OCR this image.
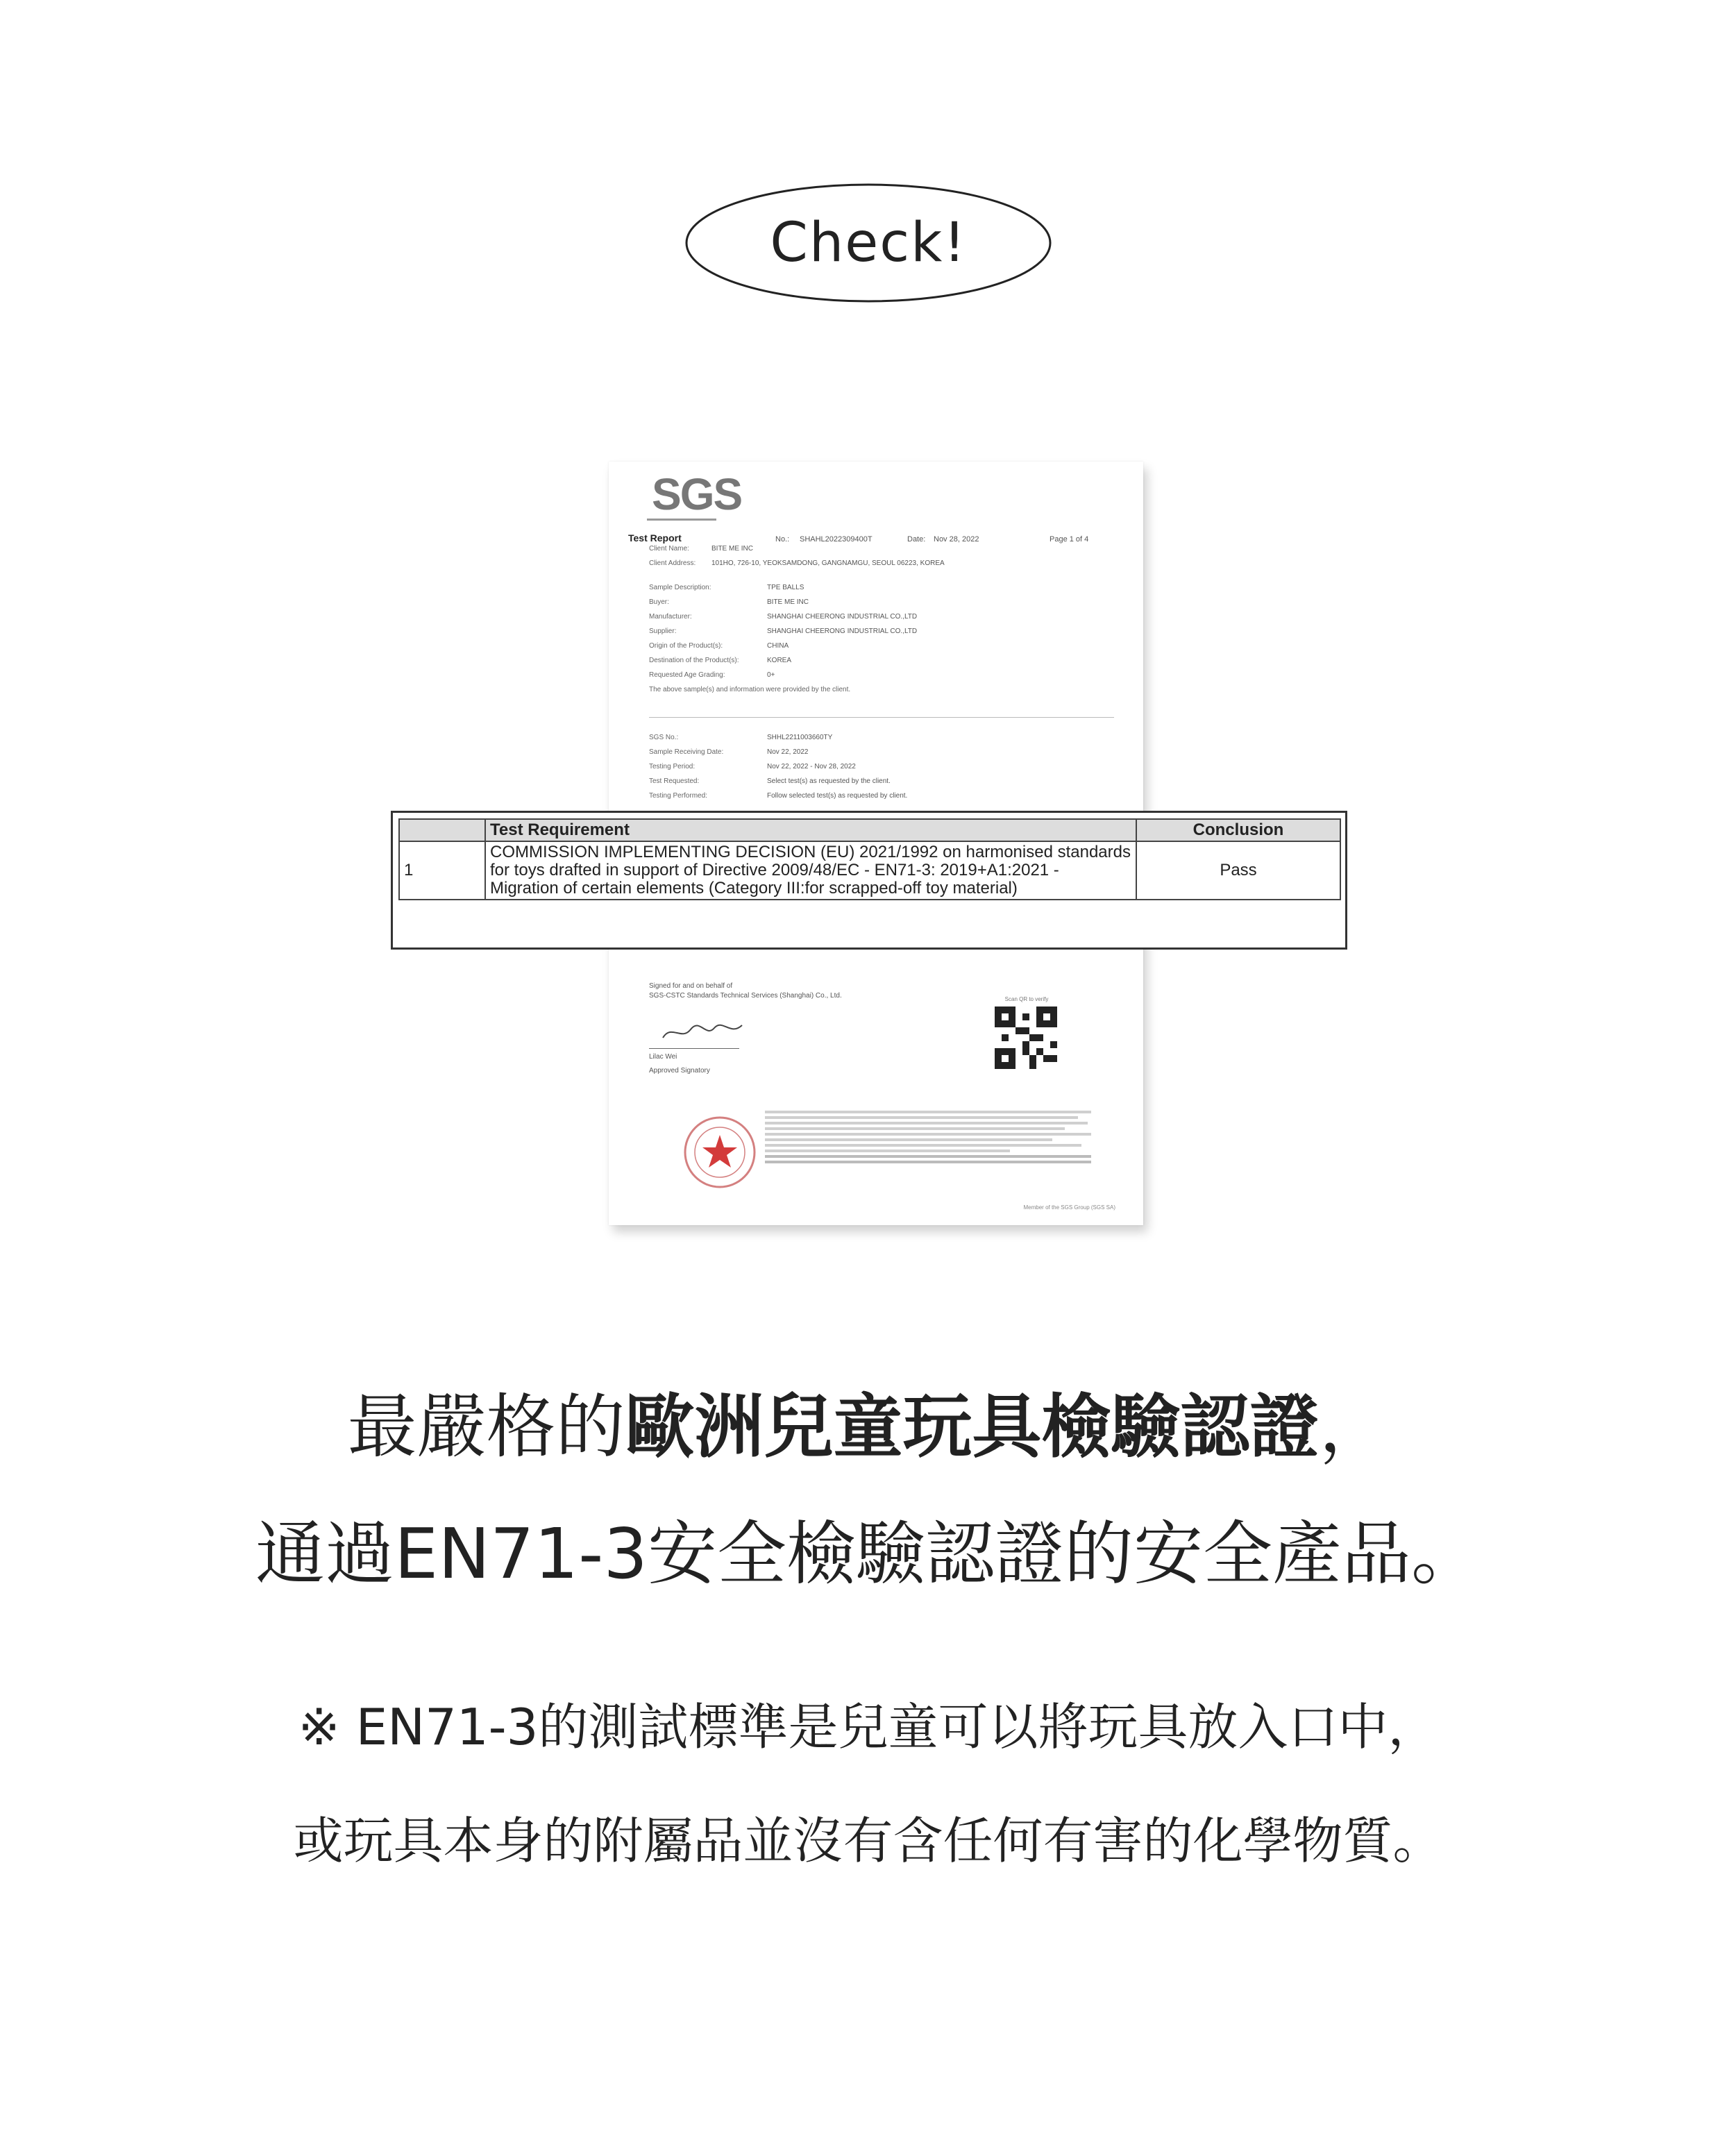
Check!
SGS
Test Report	No.: SHAHL2022309400T	Date: Nov 28, 2022	Page 1 of 4
Client Name:	BITE ME INC
Client Address: 101HO, 726-10, YEOKSAMDONG, GANGNAMGU, SEOUL 06223, KOREA
Sample Description:	TPE BALLS
Buyer:	BITE ME INC
Manufacturer:	SHANGHAI CHEERONG INDUSTRIAL CO.,LTD
Supplier:	SHANGHAI CHEERONG INDUSTRIAL CO.,LTD
Origin of the Product(s):	CHINA
Destination of the Product(s):	KOREA
Requested Age Grading:	0+
The above sample(s) and information were provided by the client.
SGS No.:	SHHL2211003660TY
Sample Receiving Date:	Nov 22, 2022
Testing Period:	Nov 22, 2022 - Nov 28, 2022
Test Requested:	Select test(s) as requested by the client.
Testing Performed:	Follow selected test(s) as requested by client.
Signed for and on behalf of
SGS-CSTC Standards Technical Services (Shanghai) Co., Ltd.
Lilac Wei
Approved Signatory
Scan QR to verify
Member of the SGS Group (SGS SA)
	Test Requirement	Conclusion
1	COMMISSION IMPLEMENTING DECISION (EU) 2021/1992 on harmonised standards for toys drafted in support of Directive 2009/48/EC - EN71-3: 2019+A1:2021 - Migration of certain elements (Category III:for scrapped-off toy material)	Pass
最嚴格的歐洲兒童玩具檢驗認證，
通過EN71-3安全檢驗認證的安全產品。
※ EN71-3的測試標準是兒童可以將玩具放入口中，
或玩具本身的附屬品並沒有含任何有害的化學物質。
